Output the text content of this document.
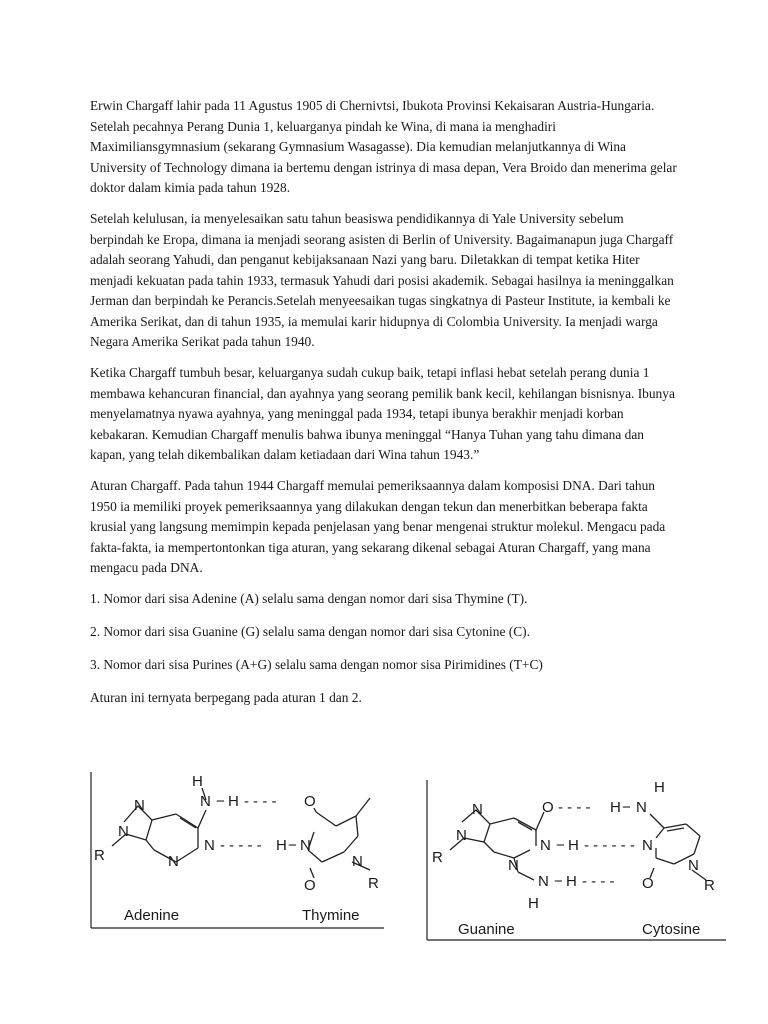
Erwin Chargaff lahir pada 11 Agustus 1905 di Chernivtsi, Ibukota Provinsi Kekaisaran Austria-Hungaria. Setelah pecahnya Perang Dunia 1, keluarganya pindah ke Wina, di mana ia menghadiri Maximiliansgymnasium (sekarang Gymnasium Wasagasse). Dia kemudian melanjutkannya di Wina University of Technology dimana ia bertemu dengan istrinya di masa depan, Vera Broido dan menerima gelar doktor dalam kimia pada tahun 1928.

Setelah kelulusan, ia menyelesaikan satu tahun beasiswa pendidikannya di Yale University sebelum berpindah ke Eropa, dimana ia menjadi seorang asisten di Berlin of University. Bagaimanapun juga Chargaff adalah seorang Yahudi, dan penganut kebijaksanaan Nazi yang baru. Diletakkan di tempat ketika Hiter menjadi kekuatan pada tahin 1933, termasuk Yahudi dari posisi akademik. Sebagai hasilnya ia meninggalkan Jerman dan berpindah ke Perancis.Setelah menyeesaikan tugas singkatnya di Pasteur Institute, ia kembali ke Amerika Serikat, dan di tahun 1935, ia memulai karir hidupnya di Colombia University. Ia menjadi warga Negara Amerika Serikat pada tahun 1940.

Ketika Chargaff tumbuh besar, keluarganya sudah cukup baik, tetapi inflasi hebat setelah perang dunia 1 membawa kehancuran financial, dan ayahnya yang seorang pemilik bank kecil, kehilangan bisnisnya. Ibunya menyelamatnya nyawa ayahnya, yang meninggal pada 1934, tetapi ibunya berakhir menjadi korban kebakaran. Kemudian Chargaff menulis bahwa ibunya meninggal “Hanya Tuhan yang tahu dimana dan kapan, yang telah dikembalikan dalam ketiadaan dari Wina tahun 1943.”

Aturan Chargaff. Pada tahun 1944 Chargaff memulai pemeriksaannya dalam komposisi DNA. Dari tahun 1950 ia memiliki proyek pemeriksaannya yang dilakukan dengan tekun dan menerbitkan beberapa fakta krusial yang langsung memimpin kepada penjelasan yang benar mengenai struktur molekul. Mengacu pada fakta-fakta, ia mempertontonkan tiga aturan, yang sekarang dikenal sebagai Aturan Chargaff, yang mana mengacu pada DNA.

1. Nomor dari sisa Adenine (A) selalu sama dengan nomor dari sisa Thymine (T).

2. Nomor dari sisa Guanine (G) selalu sama dengan nomor dari sisa Cytonine (C).

3. Nomor dari sisa Purines (A+G) selalu sama dengan nomor sisa Pirimidines (T+C)

Aturan ini ternyata berpegang pada aturan 1 dan 2.

H
N − H - - - - O
N
N
R
N
N
- - - - - H − N
N
O	R
Adenine	Thymine
H
O - - - - H − N
N
N
R
N − H - - - - - - N
N
N − H - - - - O
N
R
H
Guanine	Cytosine
